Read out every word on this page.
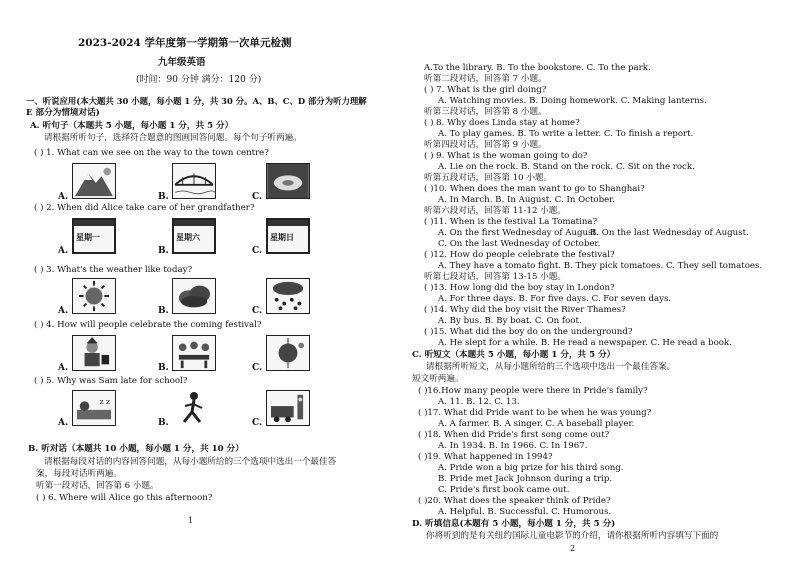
2023-2024 学年度第一学期第一次单元检测
九年级英语
(时间：90 分钟 满分：120 分)
一、听说应用(本大题共 30 小题，每小题 1 分，共 30 分。A、B、C、D 部分为听力理解
E 部分为情境对话)
A. 听句子（本题共 5 小题，每小题 1 分，共 5 分）
请根据所听句子，选择符合题意的图画回答问题。每个句子听两遍。
( ) 1. What can we see on the way to the town centre?
A.	B.	C.
( ) 2. When did Alice take care of her grandfather?
A.
星期一
B.
星期六
C.
星期日
( ) 3. What's the weather like today?
A.	B.	C.
( ) 4. How will people celebrate the coming festival?
A.	B.	C.
( ) 5. Why was Sam late for school?
A.
z z
B.	C.
B. 听对话（本题共 10 小题，每小题 1 分，共 10 分）
请根据每段对话的内容回答问题，从每小题所给的三个选项中选出一个最佳答
案，每段对话听两遍。
听第一段对话，回答第 6 小题。
( ) 6. Where will Alice go this afternoon?
1
A.To the library. B. To the bookstore. C. To the park.
听第二段对话，回答第 7 小题。
( ) 7. What is the girl doing?
A. Watching movies. B. Doing homework. C. Making lanterns.
听第三段对话，回答第 8 小题。
( ) 8. Why does Linda stay at home?
A. To play games. B. To write a letter. C. To finish a report.
听第四段对话，回答第 9 小题。
( ) 9. What is the woman going to do?
A. Lie on the rock. B. Stand on the rock. C. Sit on the rock.
听第五段对话，回答第 10 小题。
( )10. When does the man want to go to Shanghai?
A. In March. B. In August. C. In October.
听第六段对话，回答第 11-12 小题。
( )11. When is the festival La Tomatina?
A. On the first Wednesday of August.
B. On the last Wednesday of August.
C. On the last Wednesday of October.
( )12. How do people celebrate the festival?
A. They have a tomato fight. B. They pick tomatoes. C. They sell tomatoes.
听第七段对话，回答第 13-15 小题。
( )13. How long did the boy stay in London?
A. For three days. B. For five days. C. For seven days.
( )14. Why did the boy visit the River Thames?
A. By bus. B. By boat. C. On foot.
( )15. What did the boy do on the underground?
A. He slept for a while. B. He read a newspaper. C. He read a book.
C. 听短文（本题共 5 小题，每小题 1 分，共 5 分）
请根据所听短文，从每小题所给的三个选项中选出一个最佳答案。
短文听两遍。
( )16.How many people were there in Pride's family?
A. 11. B. 12. C. 13.
( )17. What did Pride want to be when he was young?
A. A farmer. B. A singer. C. A baseball player.
( )18. When did Pride's first song come out?
A. In 1934. B. In 1966. C. In 1967.
( )19. What happened in 1994?
A. Pride won a big prize for his third song.
B. Pride met Jack Johnson during a trip.
C. Pride's first book came out.
( )20. What does the speaker think of Pride?
A. Helpful. B. Successful. C. Humorous.
D. 听填信息(本题有 5 小题，每小题 1 分，共 5 分)
你将听到的是有关纽约国际儿童电影节的介绍，请你根据所听内容填写下面的
2
